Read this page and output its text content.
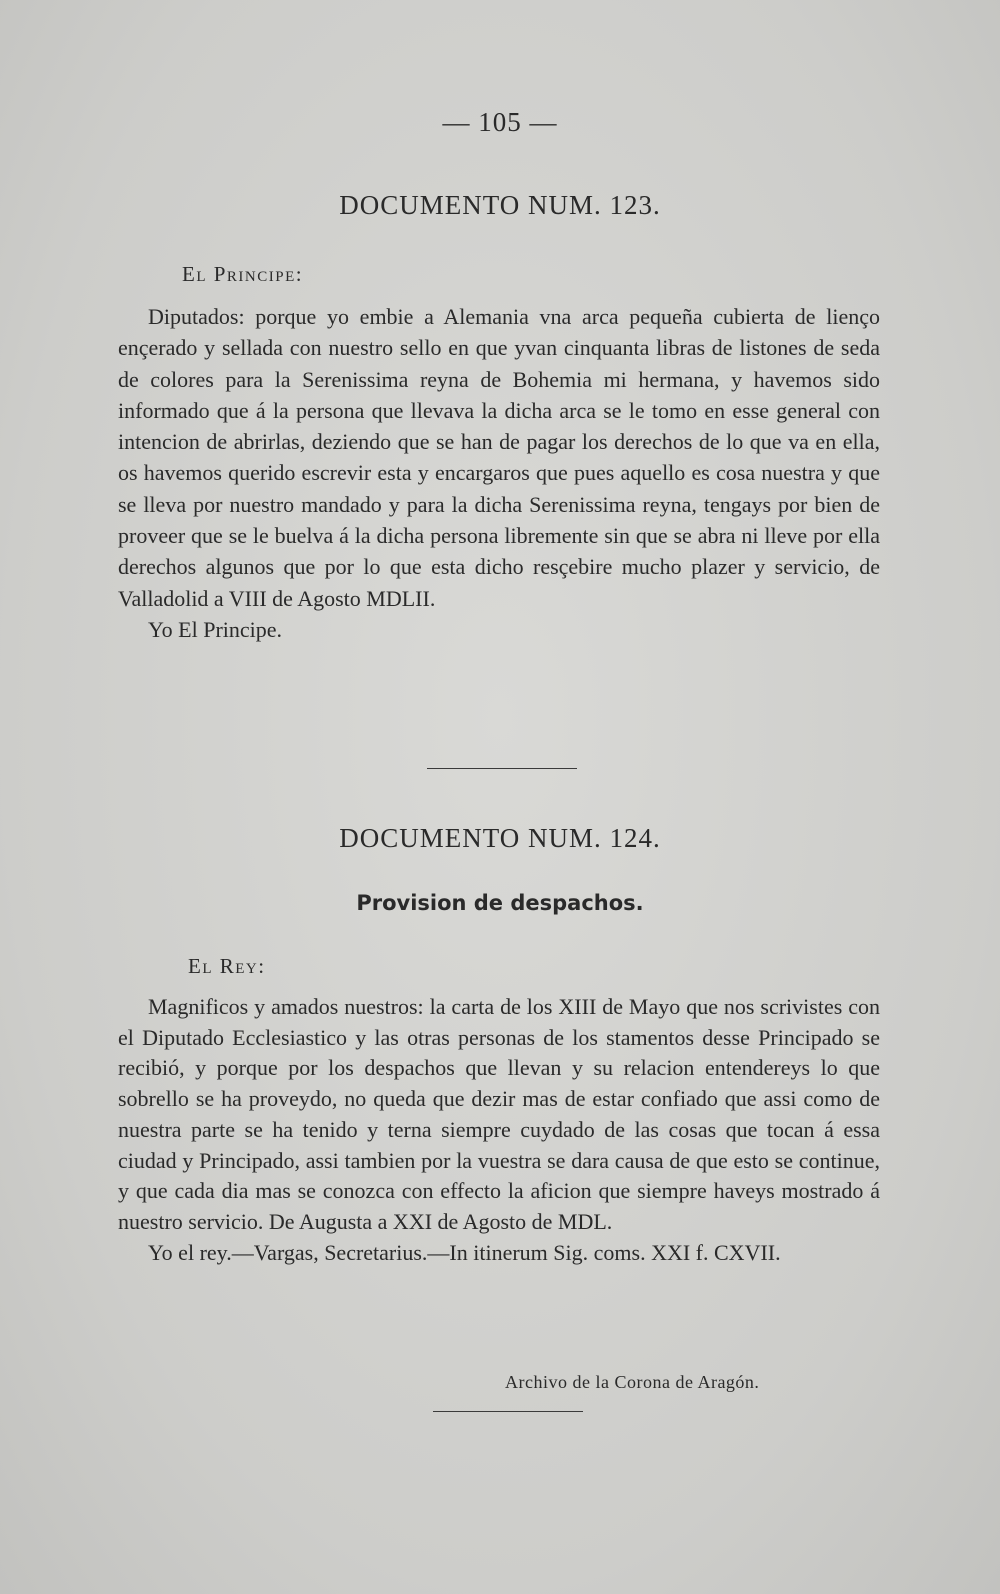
— 105 —
DOCUMENTO NUM. 123.
El Principe:

Diputados: porque yo embie a Alemania vna arca pequeña cubierta de lienço ençerado y sellada con nuestro sello en que yvan cinquanta libras de listones de seda de colores para la Serenissima reyna de Bohemia mi hermana, y havemos sido informado que á la persona que llevava la dicha arca se le tomo en esse general con intencion de abrirlas, deziendo que se han de pagar los derechos de lo que va en ella, os havemos querido escrevir esta y encargaros que pues aquello es cosa nuestra y que se lleva por nuestro mandado y para la dicha Serenissima reyna, tengays por bien de proveer que se le buelva á la dicha persona libremente sin que se abra ni lleve por ella derechos algunos que por lo que esta dicho resçebire mucho plazer y servicio, de Valladolid a VIII de Agosto MDLII.

Yo El Principe.

DOCUMENTO NUM. 124.
Provision de despachos.
El Rey:

Magnificos y amados nuestros: la carta de los XIII de Mayo que nos scrivistes con el Diputado Ecclesiastico y las otras personas de los stamentos desse Principado se recibió, y porque por los despachos que llevan y su relacion entendereys lo que sobrello se ha proveydo, no queda que dezir mas de estar confiado que assi como de nuestra parte se ha tenido y terna siempre cuydado de las cosas que tocan á essa ciudad y Principado, assi tambien por la vuestra se dara causa de que esto se continue, y que cada dia mas se conozca con effecto la aficion que siempre haveys mostrado á nuestro servicio. De Augusta a XXI de Agosto de MDL.

Yo el rey.—Vargas, Secretarius.—In itinerum Sig. coms. XXI f. CXVII.

Archivo de la Corona de Aragón.
